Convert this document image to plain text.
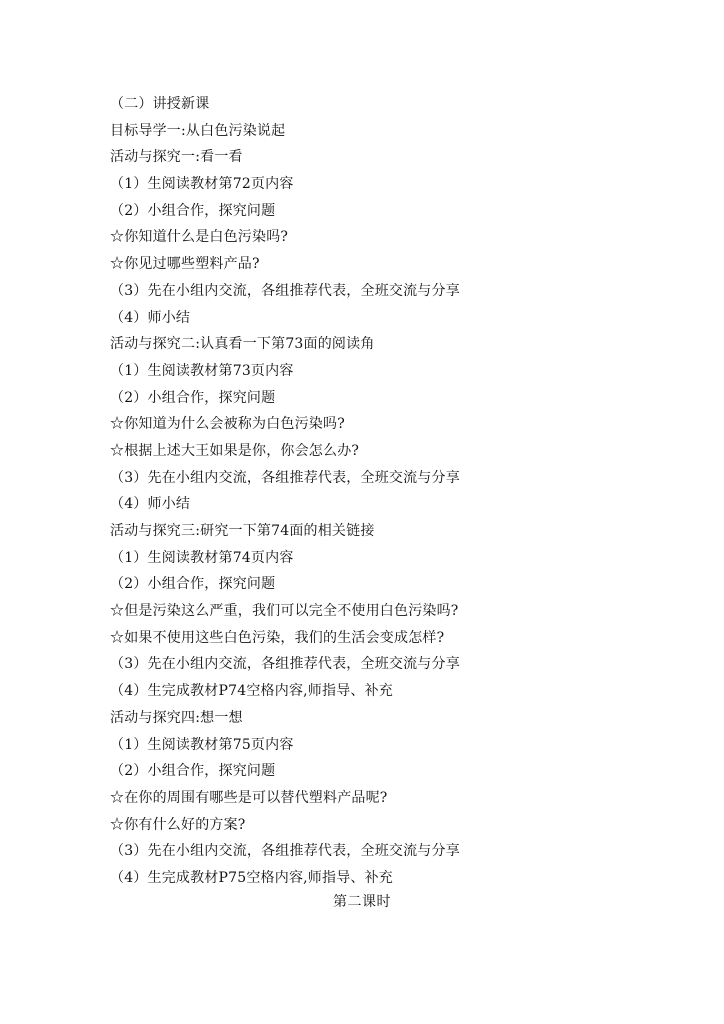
（二）讲授新课
目标导学一:从白色污染说起
活动与探究一:看一看
（1）生阅读教材第72页内容
（2）小组合作，探究问题
☆你知道什么是白色污染吗?
☆你见过哪些塑料产品?
（3）先在小组内交流，各组推荐代表，全班交流与分享
（4）师小结
活动与探究二:认真看一下第73面的阅读角
（1）生阅读教材第73页内容
（2）小组合作，探究问题
☆你知道为什么会被称为白色污染吗?
☆根据上述大王如果是你，你会怎么办?
（3）先在小组内交流，各组推荐代表，全班交流与分享
（4）师小结
活动与探究三:研究一下第74面的相关链接
（1）生阅读教材第74页内容
（2）小组合作，探究问题
☆但是污染这么严重，我们可以完全不使用白色污染吗?
☆如果不使用这些白色污染，我们的生活会变成怎样?
（3）先在小组内交流，各组推荐代表，全班交流与分享
（4）生完成教材P74空格内容,师指导、补充
活动与探究四:想一想
（1）生阅读教材第75页内容
（2）小组合作，探究问题
☆在你的周围有哪些是可以替代塑料产品呢?
☆你有什么好的方案?
（3）先在小组内交流，各组推荐代表，全班交流与分享
（4）生完成教材P75空格内容,师指导、补充
第二课时
